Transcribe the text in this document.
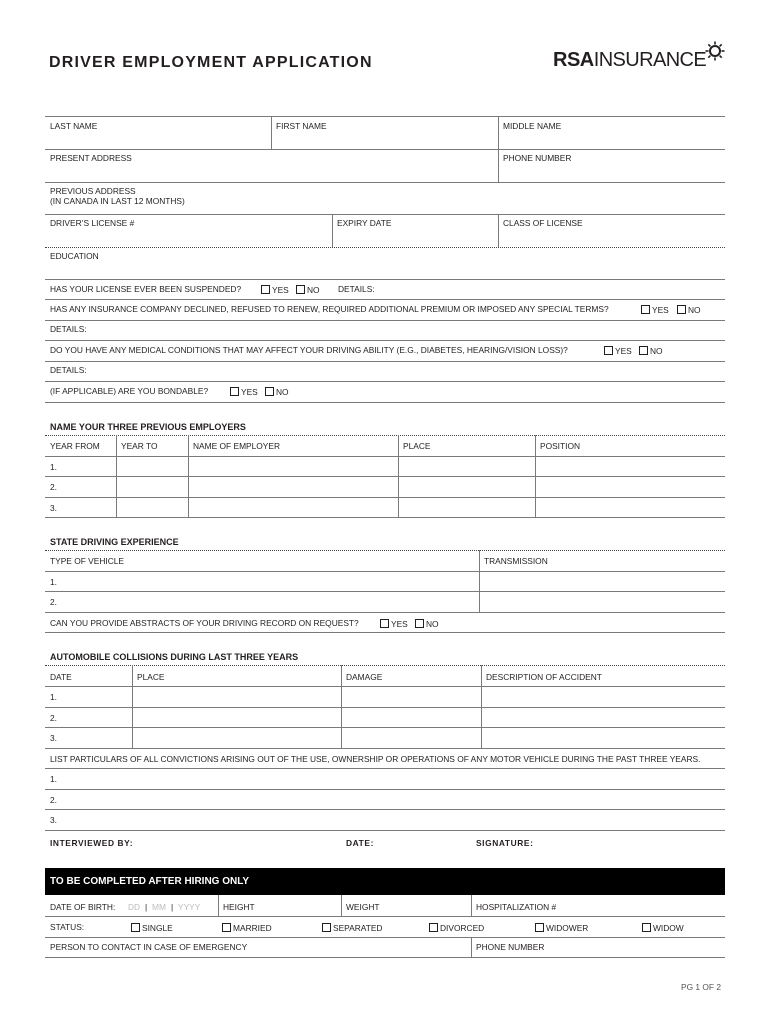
DRIVER EMPLOYMENT APPLICATION	RSAINSURANCE
LAST NAME	FIRST NAME	MIDDLE NAME
PRESENT ADDRESS	PHONE NUMBER
PREVIOUS ADDRESS
(IN CANADA IN LAST 12 MONTHS)
DRIVER’S LICENSE #	EXPIRY DATE	CLASS OF LICENSE
EDUCATION
HAS YOUR LICENSE EVER BEEN SUSPENDED?	YES	NO DETAILS:
HAS ANY INSURANCE COMPANY DECLINED, REFUSED TO RENEW, REQUIRED ADDITIONAL PREMIUM OR IMPOSED ANY SPECIAL TERMS?	YES	NO
DETAILS:
DO YOU HAVE ANY MEDICAL CONDITIONS THAT MAY AFFECT YOUR DRIVING ABILITY (E.G., DIABETES, HEARING/VISION LOSS)?	YES	NO
DETAILS:
(IF APPLICABLE) ARE YOU BONDABLE?	YES	NO
NAME YOUR THREE PREVIOUS EMPLOYERS
YEAR FROM	YEAR TO	NAME OF EMPLOYER	PLACE	POSITION
1.
2.
3.
STATE DRIVING EXPERIENCE
TYPE OF VEHICLE	TRANSMISSION
1.
2.
CAN YOU PROVIDE ABSTRACTS OF YOUR DRIVING RECORD ON REQUEST?	YES	NO
AUTOMOBILE COLLISIONS DURING LAST THREE YEARS
DATE	PLACE	DAMAGE	DESCRIPTION OF ACCIDENT
1.
2.
3.
LIST PARTICULARS OF ALL CONVICTIONS ARISING OUT OF THE USE, OWNERSHIP OR OPERATIONS OF ANY MOTOR VEHICLE DURING THE PAST THREE YEARS.
1.
2.
3.
INTERVIEWED BY:	DATE:	SIGNATURE:
TO BE COMPLETED AFTER HIRING ONLY
DATE OF BIRTH: DD | MM | YYYY	HEIGHT	WEIGHT	HOSPITALIZATION #
STATUS:	SINGLE	MARRIED	SEPARATED	DIVORCED	WIDOWER	WIDOW
PERSON TO CONTACT IN CASE OF EMERGENCY	PHONE NUMBER
PG 1 OF 2
